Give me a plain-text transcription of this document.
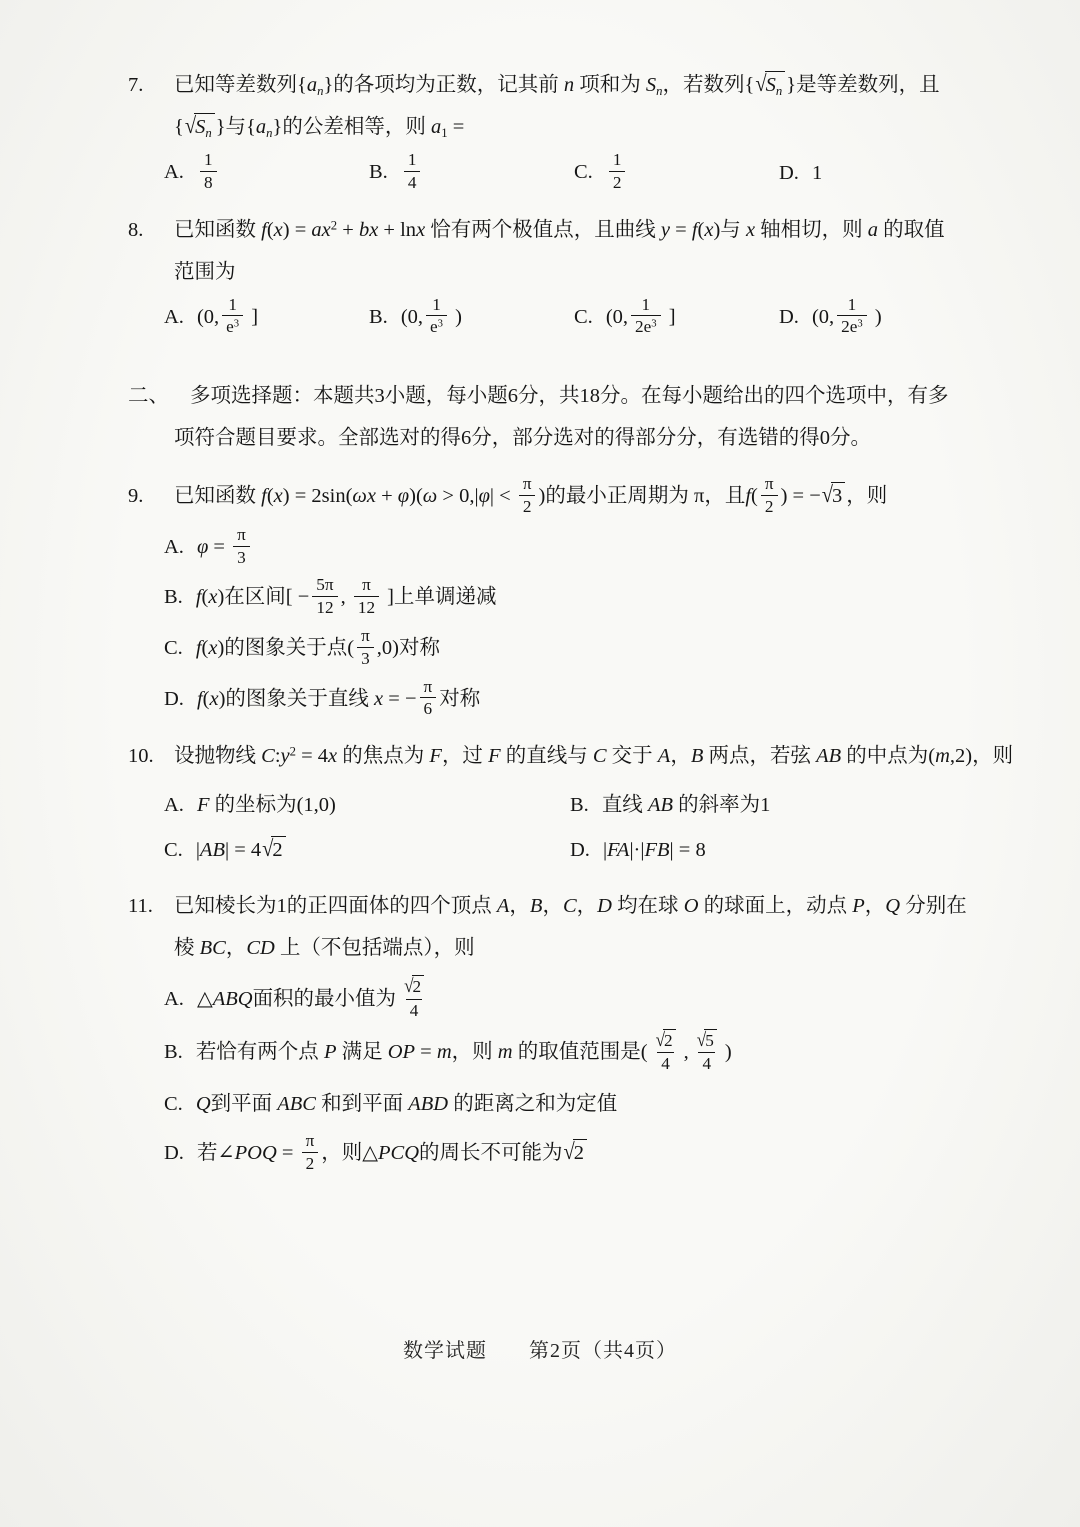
7. 已知等差数列$\{a_n\}$的各项均为正数，记其前 n 项和为 $S_n$，若数列{$√S_n$ }是等差数列，且
{$√S_n$ }与$\{a_n\}$的公差相等，则 $a_1$ =
A. $\frac{1}{8}$	B. $\frac{1}{4}$	C. $\frac{1}{2}$	D. 1
8. 已知函数 $f(x) = ax^2$ + bx + lnx 恰有两个极值点，且曲线 y = f(x)与 x 轴相切，则 a 的取值
范围为
A. (0, $\frac{1}{e^3}$ ]	B. (0, $\frac{1}{e^3}$ )	C. (0, $\frac{1}{2e^3}$ ]	D. (0, $\frac{1}{2e^3}$ )
二、 多项选择题：本题共3小题，每小题6分，共18分。在每小题给出的四个选项中，有多
项符合题目要求。全部选对的得6分，部分选对的得部分分，有选错的得0分。
9. 已知函数 $f(x) = 2\sin(\omega x + \varphi)(\omega > 0,|\varphi| < \frac{\pi}{2}$ )的最小正周期为 π，且$f( \frac{\pi}{2}$ ) = −√3 ，则
A. $\varphi = \frac{\pi}{3}$
B. f(x)在区间[ − $\frac{5\pi}{12}$ , $\frac{\pi}{12}$ ]上单调递减
C. f(x)的图象关于点( $\frac{\pi}{3} ,0$)对称
D. f(x)的图象关于直线 x = − $\frac{\pi}{6}$ 对称
10. 设抛物线 $C:y^2 = 4x$ 的焦点为 F，过 F 的直线与 C 交于 A，B 两点，若弦 AB 的中点为(m,2)，则
A. F 的坐标为(1,0)	B. 直线 AB 的斜率为1
C. |AB| = 4√2	D. |FA|·|FB| = 8
11. 已知棱长为1的正四面体的四个顶点 A，B，C，D 均在球 O 的球面上，动点 P，Q 分别在
棱 BC，CD 上（不包括端点），则
A. △ABQ面积的最小值为 $\frac{√2}{4}$
B. 若恰有两个点 P 满足 OP = m，则 m 的取值范围是( $\frac{√2}{4}$ , $\frac{√5}{4}$ )
C. Q到平面 ABC 和到平面 ABD 的距离之和为定值
D. 若∠POQ = $\frac{\pi}{2}$ ，则△PCQ的周长不可能为√2
数学试题　　第2页（共4页）
